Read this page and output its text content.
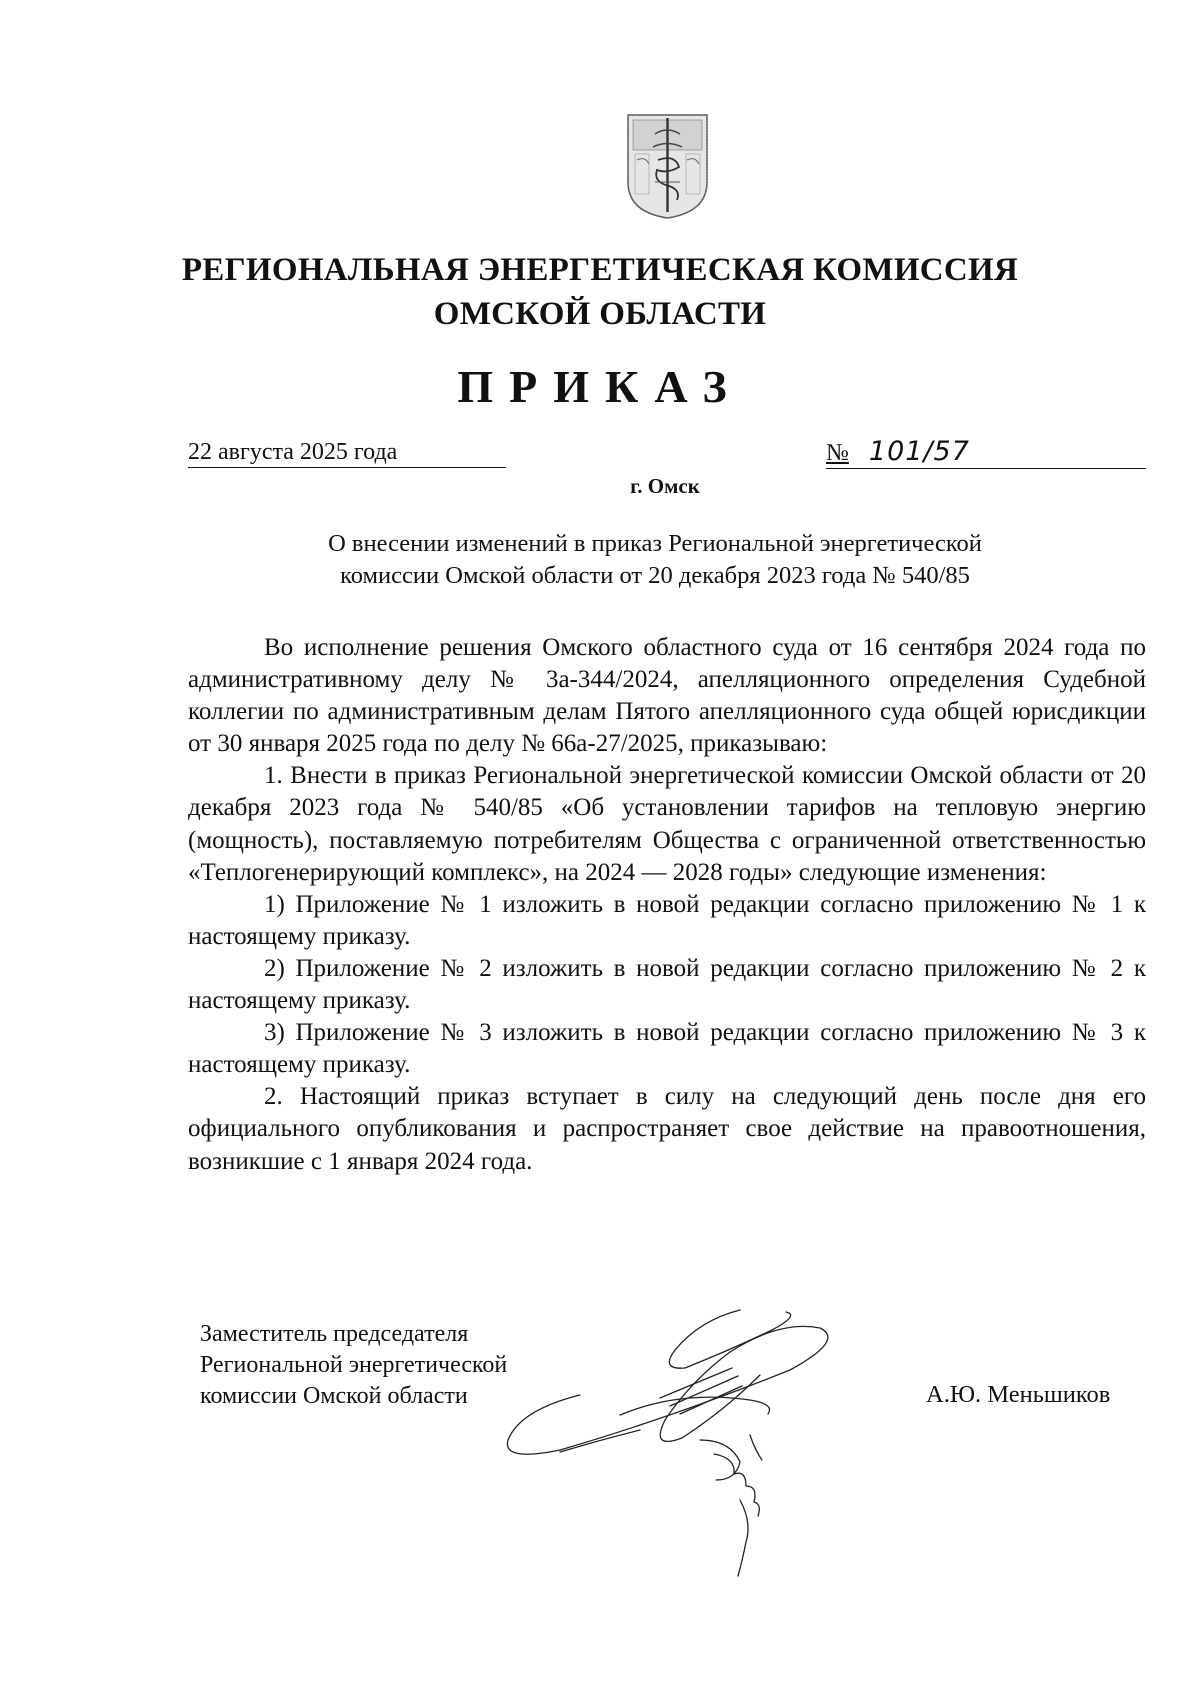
РЕГИОНАЛЬНАЯ ЭНЕРГЕТИЧЕСКАЯ КОМИССИЯ
ОМСКОЙ ОБЛАСТИ
ПРИКАЗ
22 августа 2025 года	№ 101/57
г. Омск
О внесении изменений в приказ Региональной энергетической
комиссии Омской области от 20 декабря 2023 года № 540/85

Во исполнение решения Омского областного суда от 16 сентября 2024 года по административному делу № 3а-344/2024, апелляционного определения Судебной коллегии по административным делам Пятого апелляционного суда общей юрисдикции от 30 января 2025 года по делу № 66а-27/2025, приказываю:

1. Внести в приказ Региональной энергетической комиссии Омской области от 20 декабря 2023 года № 540/85 «Об установлении тарифов на тепловую энергию (мощность), поставляемую потребителям Общества с ограниченной ответственностью «Теплогенерирующий комплекс», на 2024 — 2028 годы» следующие изменения:

1) Приложение № 1 изложить в новой редакции согласно приложению № 1 к настоящему приказу.

2) Приложение № 2 изложить в новой редакции согласно приложению № 2 к настоящему приказу.

3) Приложение № 3 изложить в новой редакции согласно приложению № 3 к настоящему приказу.

2. Настоящий приказ вступает в силу на следующий день после дня его официального опубликования и распространяет свое действие на правоотношения, возникшие с 1 января 2024 года.

Заместитель председателя
Региональной энергетической
комиссии Омской области	А.Ю. Меньшиков
